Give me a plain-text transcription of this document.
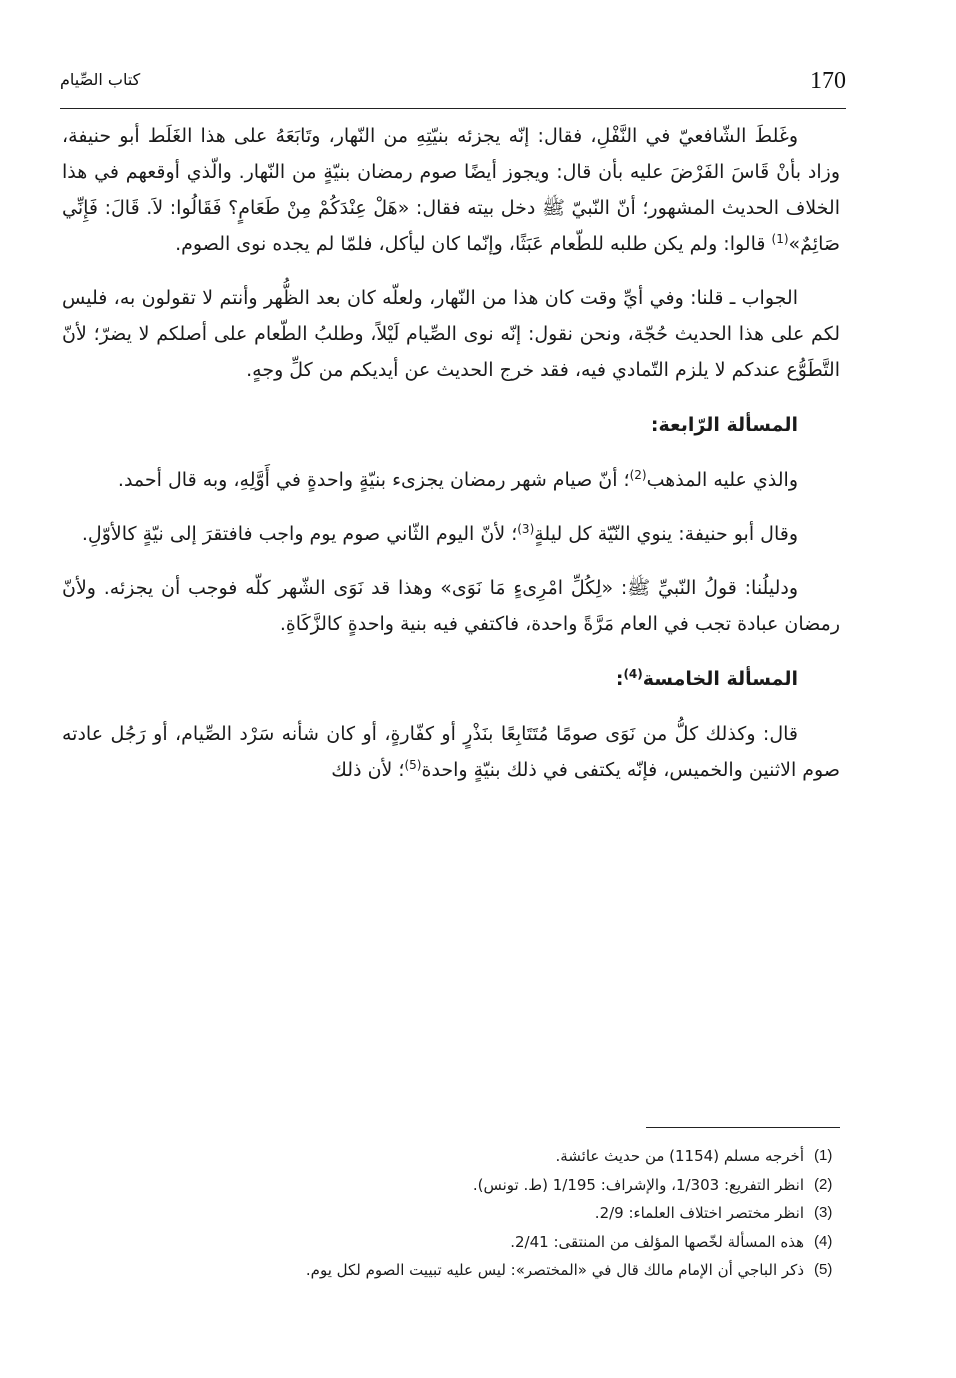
170
كتاب الصِّيام

وغَلطَ الشّافعيّ في النَّفْلِ، فقال: إنّه يجزئه بنيّتِهِ من النّهار، وتَابَعَهُ على هذا الغَلَط أبو حنيفة، وزاد بأنْ قَاسَ الفَرْضَ عليه بأن قال: ويجوز أيضًا صوم رمضان بنيّةٍ من النّهار. والّذي أوقعهم في هذا الخلاف الحديث المشهور؛ أنّ النّبيّ ﷺ دخل بيته فقال: «هَلْ عِنْدَكُمْ مِنْ طَعَامٍ؟ فَقَالُوا: لاَ. قَالَ: فَإِنِّي صَائِمٌ»$^{(1)}$ قالوا: ولم يكن طلبه للطّعام عَبَثًا، وإنّما كان ليأكل، فلمّا لم يجده نوى الصوم.

الجواب ـ قلنا: وفي أيِّ وقت كان هذا من النّهار، ولعلّه كان بعد الظُّهر وأنتم لا تقولون به، فليس لكم على هذا الحديث حُجّة، ونحن نقول: إنّه نوى الصِّيام لَيْلاً، وطلبُ الطّعام على أصلكم لا يضرّ؛ لأنّ التَّطَوُّع عندكم لا يلزم التّمادي فيه، فقد خرج الحديث عن أيديكم من كلِّ وجهٍ.

المسألة الرّابعة:

والذي عليه المذهب$^{(2)}$؛ أنّ صيام شهر رمضان يجزىء بنيّةٍ واحدةٍ في أَوَّلِهِ، وبه قال أحمد.

وقال أبو حنيفة: ينوي النّيّة كل ليلةٍ$^{(3)}$؛ لأنّ اليوم الثّاني صوم يوم واجب فافتقرَ إلى نيّةٍ كالأوّلِ.

ودليلُنا: قولُ النّبيِّ ﷺ: «لِكُلِّ امْرِىءٍ مَا نَوَى» وهذا قد نَوَى الشّهر كلّه فوجب أن يجزئه. ولأنّ رمضان عبادة تجب في العام مَرَّةً واحدة، فاكتفي فيه بنية واحدةٍ كالزَّكَاةِ.

المسألة الخامسة$^{(4)}$:

قال: وكذلك كلُّ من نَوَى صومًا مُتَتَابِعًا بنَذْرٍ أو كفّارةٍ، أو كان شأنه سَرْد الصِّيام، أو رَجُل عادته صوم الاثنين والخميس، فإنّه يكتفى في ذلك بنيّةٍ واحدة$^{(5)}$؛ لأن ذلك

(1)
أخرجه مسلم (1154) من حديث عائشة.
(2)
انظر التفريع: 1/303، والإشراف: 1/195 (ط. تونس).
(3)
انظر مختصر اختلاف العلماء: 2/9.
(4)
هذه المسألة لخّصها المؤلف من المنتقى: 2/41.
(5)
ذكر الباجي أن الإمام مالك قال في «المختصر»: ليس عليه تبييت الصوم لكل يوم.
